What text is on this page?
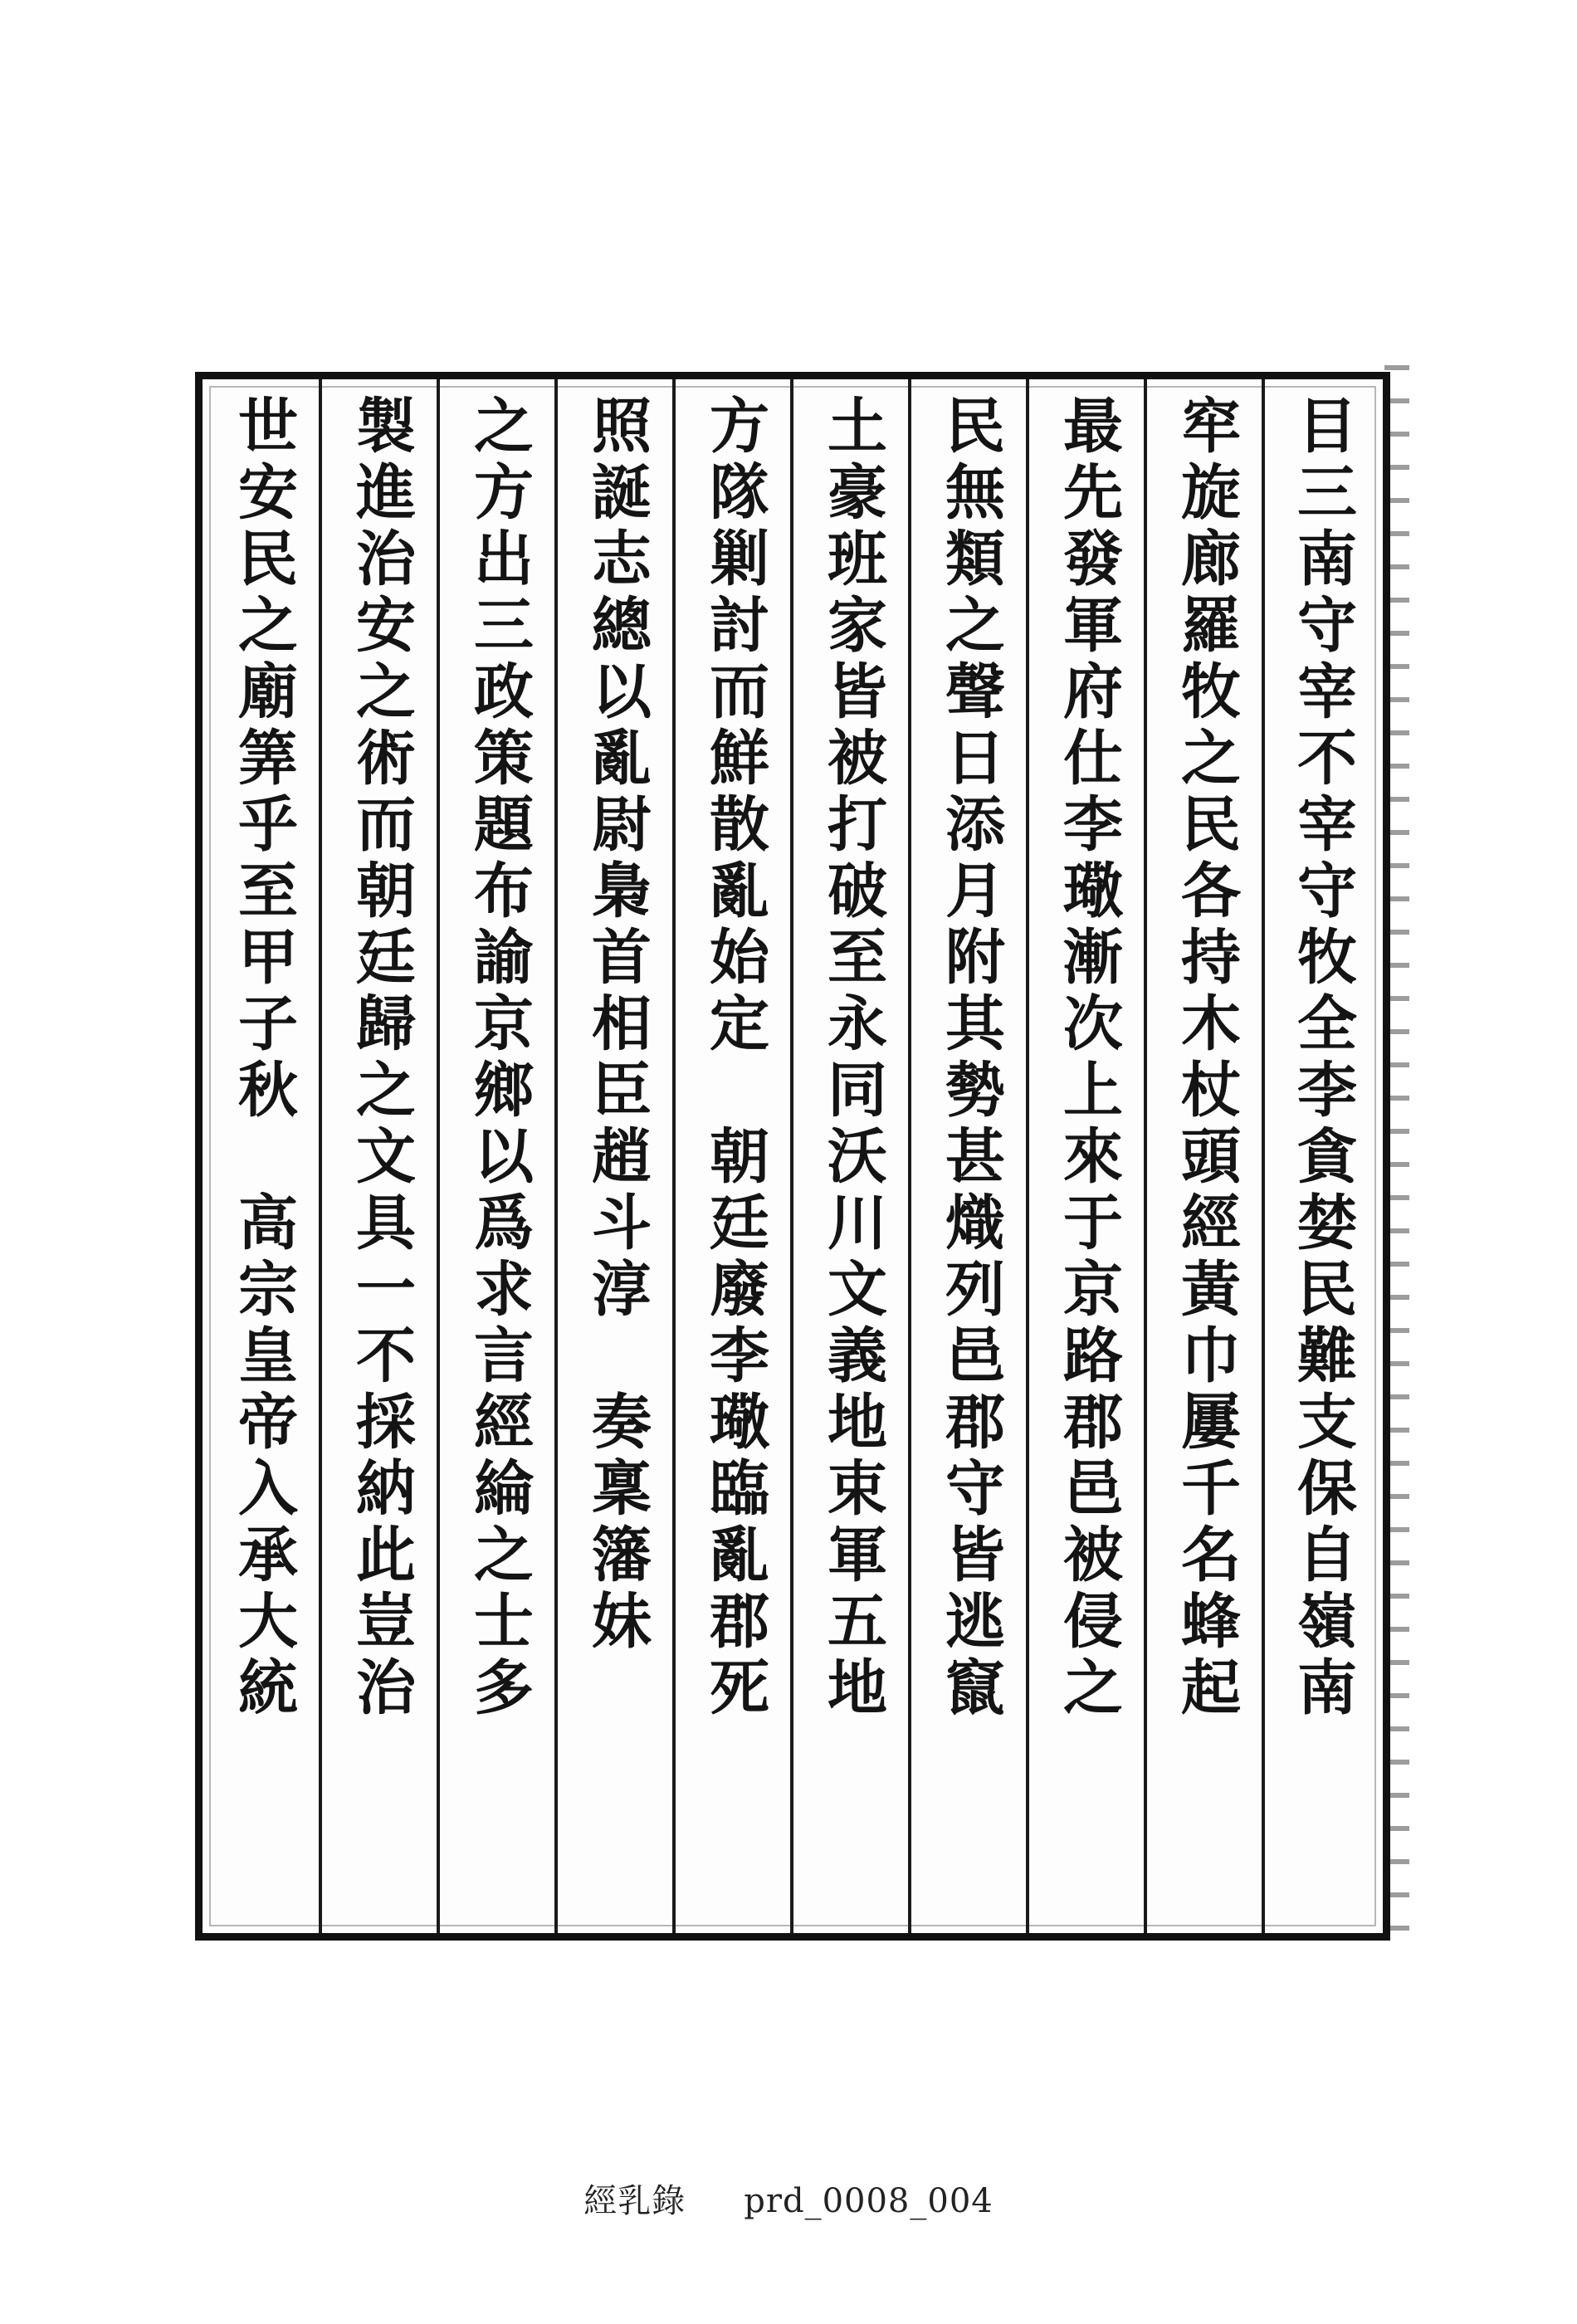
目三南守宰不宰守牧全李貪婪民難支保自嶺南
窂旋廊羅牧之民各持木杖頭經黃巾屢千名蜂起
最先發軍府仕李璥漸次上來于京路郡邑被侵之
民無類之聲日添月附其勢甚熾列邑郡守皆逃竄
土豪班家皆被打破至永同沃川文義地束軍五地
方隊剿討而鮮散亂始定　朝廷廢李璥臨亂郡死
照誕志總以亂尉梟首相臣趙斗淳　奏稟籓妹
之方出三政策題布諭京鄉以爲求言經綸之士多
製進治安之術而朝廷歸之文具一不採納此豈治
世安民之廟筭乎至甲子秋　高宗皇帝入承大統
經乳錄 prd_0008_004
